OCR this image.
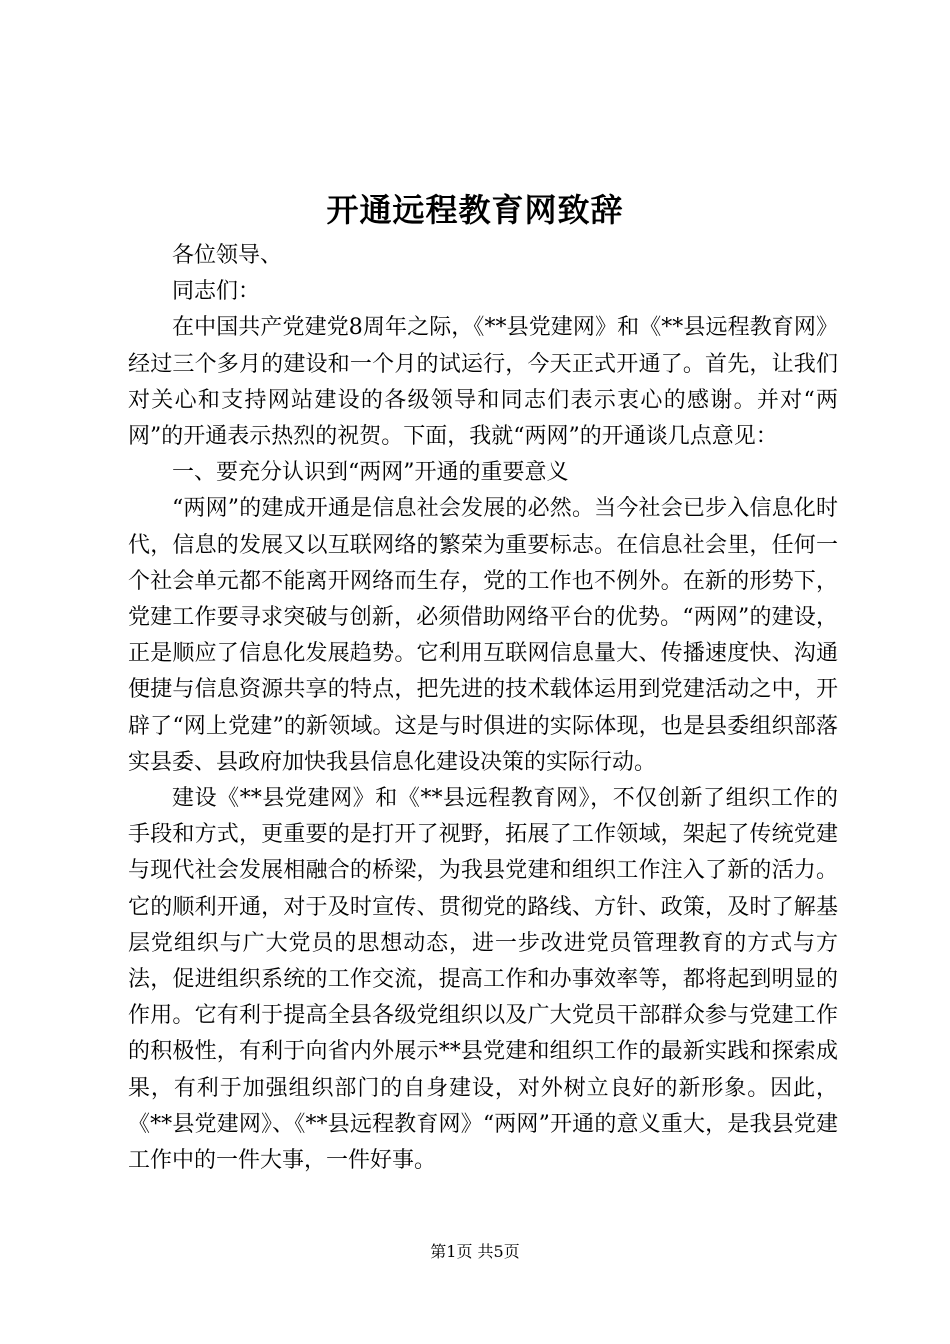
开通远程教育网致辞

各位领导、

同志们：

在中国共产党建党8周年之际，《**县党建网》和《**县远程教育网》经过三个多月的建设和一个月的试运行，今天正式开通了。首先，让我们对关心和支持网站建设的各级领导和同志们表示衷心的感谢。并对“两网”的开通表示热烈的祝贺。下面，我就“两网”的开通谈几点意见：

一、要充分认识到“两网”开通的重要意义

“两网”的建成开通是信息社会发展的必然。当今社会已步入信息化时代，信息的发展又以互联网络的繁荣为重要标志。在信息社会里，任何一个社会单元都不能离开网络而生存，党的工作也不例外。在新的形势下，党建工作要寻求突破与创新，必须借助网络平台的优势。“两网”的建设，正是顺应了信息化发展趋势。它利用互联网信息量大、传播速度快、沟通便捷与信息资源共享的特点，把先进的技术载体运用到党建活动之中，开辟了“网上党建”的新领域。这是与时俱进的实际体现，也是县委组织部落实县委、县政府加快我县信息化建设决策的实际行动。

建设《**县党建网》和《**县远程教育网》，不仅创新了组织工作的手段和方式，更重要的是打开了视野，拓展了工作领域，架起了传统党建与现代社会发展相融合的桥梁，为我县党建和组织工作注入了新的活力。它的顺利开通，对于及时宣传、贯彻党的路线、方针、政策，及时了解基层党组织与广大党员的思想动态，进一步改进党员管理教育的方式与方法，促进组织系统的工作交流，提高工作和办事效率等，都将起到明显的作用。它有利于提高全县各级党组织以及广大党员干部群众参与党建工作的积极性，有利于向省内外展示**县党建和组织工作的最新实践和探索成果，有利于加强组织部门的自身建设，对外树立良好的新形象。因此，《**县党建网》、《**县远程教育网》“两网”开通的意义重大，是我县党建工作中的一件大事，一件好事。

第1页 共5页
